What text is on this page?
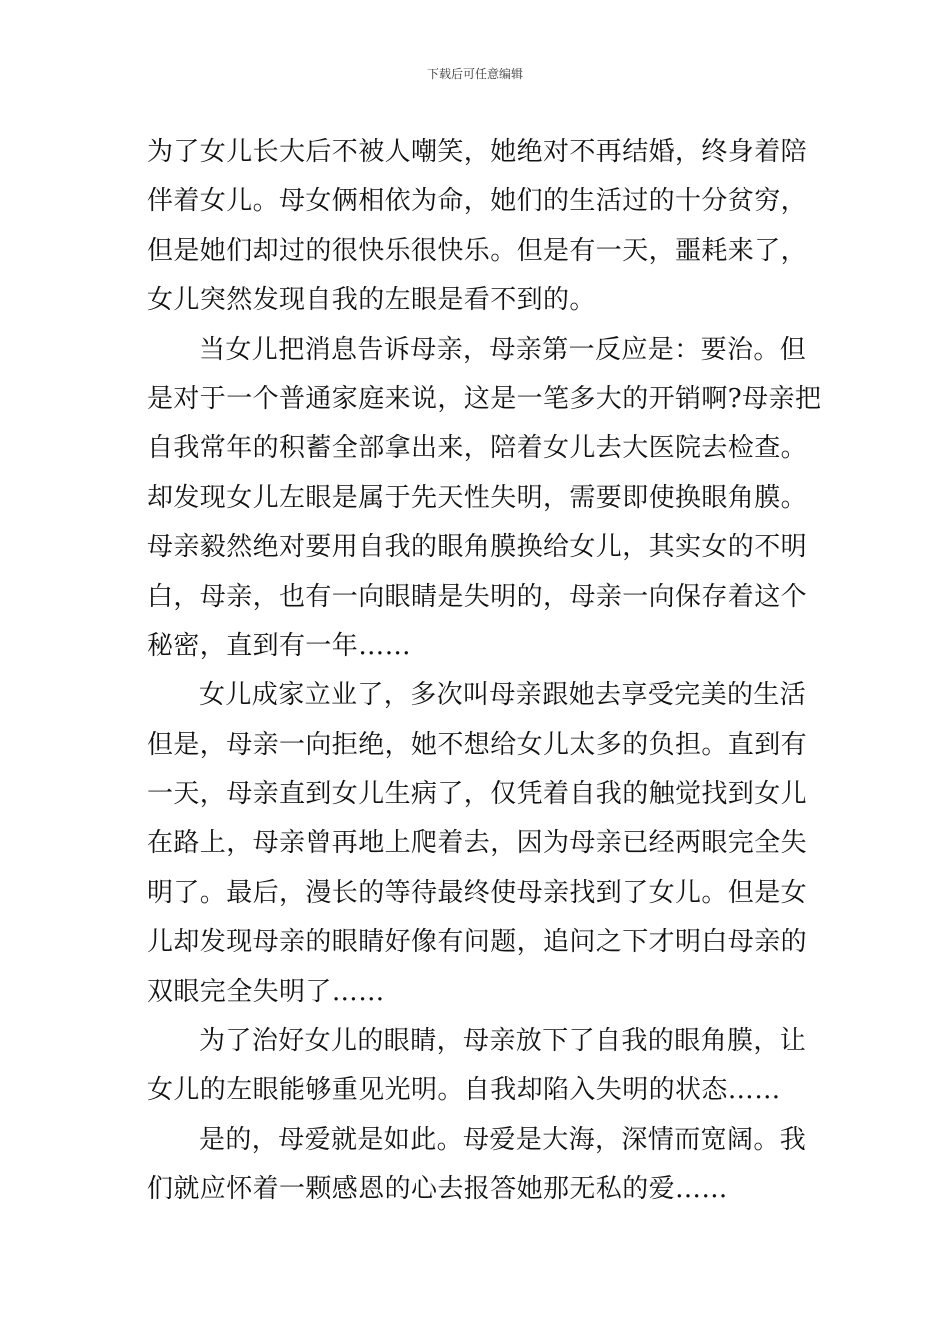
下载后可任意编辑
为了女儿长大后不被人嘲笑，她绝对不再结婚，终身着陪
伴着女儿。母女俩相依为命，她们的生活过的十分贫穷，
但是她们却过的很快乐很快乐。但是有一天，噩耗来了，
女儿突然发现自我的左眼是看不到的。
当女儿把消息告诉母亲，母亲第一反应是：要治。但
是对于一个普通家庭来说，这是一笔多大的开销啊?母亲把
自我常年的积蓄全部拿出来，陪着女儿去大医院去检查。
却发现女儿左眼是属于先天性失明，需要即使换眼角膜。
母亲毅然绝对要用自我的眼角膜换给女儿，其实女的不明
白，母亲，也有一向眼睛是失明的，母亲一向保存着这个
秘密，直到有一年……
女儿成家立业了，多次叫母亲跟她去享受完美的生活
但是，母亲一向拒绝，她不想给女儿太多的负担。直到有
一天，母亲直到女儿生病了，仅凭着自我的触觉找到女儿
在路上，母亲曾再地上爬着去，因为母亲已经两眼完全失
明了。最后，漫长的等待最终使母亲找到了女儿。但是女
儿却发现母亲的眼睛好像有问题，追问之下才明白母亲的
双眼完全失明了……
为了治好女儿的眼睛，母亲放下了自我的眼角膜，让
女儿的左眼能够重见光明。自我却陷入失明的状态……
是的，母爱就是如此。母爱是大海，深情而宽阔。我
们就应怀着一颗感恩的心去报答她那无私的爱……
